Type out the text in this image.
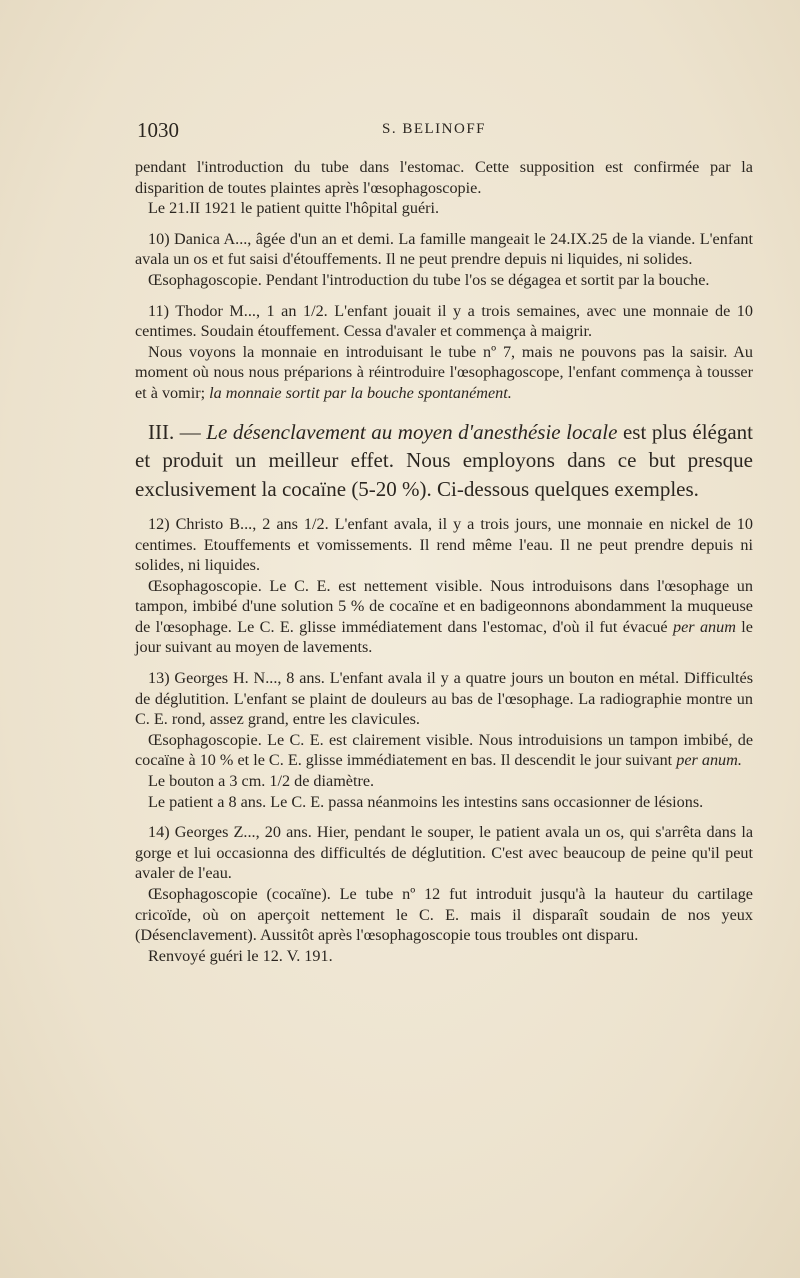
1030	S. BELINOFF

pendant l'introduction du tube dans l'estomac. Cette supposition est confirmée par la disparition de toutes plaintes après l'œsophagoscopie.

Le 21.II 1921 le patient quitte l'hôpital guéri.

10) Danica A..., âgée d'un an et demi. La famille mangeait le 24.IX.25 de la viande. L'enfant avala un os et fut saisi d'étouffements. Il ne peut prendre depuis ni liquides, ni solides.

Œsophagoscopie. Pendant l'introduction du tube l'os se dégagea et sortit par la bouche.

11) Thodor M..., 1 an 1/2. L'enfant jouait il y a trois semaines, avec une monnaie de 10 centimes. Soudain étouffement. Cessa d'avaler et commença à maigrir.

Nous voyons la monnaie en introduisant le tube nº 7, mais ne pouvons pas la saisir. Au moment où nous nous préparions à réintroduire l'œsophagoscope, l'enfant commença à tousser et à vomir; la monnaie sortit par la bouche spontanément.

III. — Le désenclavement au moyen d'anesthésie locale est plus élégant et produit un meilleur effet. Nous employons dans ce but presque exclusivement la cocaïne (5-20 %). Ci-dessous quelques exemples.

12) Christo B..., 2 ans 1/2. L'enfant avala, il y a trois jours, une monnaie en nickel de 10 centimes. Etouffements et vomissements. Il rend même l'eau. Il ne peut prendre depuis ni solides, ni liquides.

Œsophagoscopie. Le C. E. est nettement visible. Nous introduisons dans l'œsophage un tampon, imbibé d'une solution 5 % de cocaïne et en badigeonnons abondamment la muqueuse de l'œsophage. Le C. E. glisse immédiatement dans l'estomac, d'où il fut évacué per anum le jour suivant au moyen de lavements.

13) Georges H. N..., 8 ans. L'enfant avala il y a quatre jours un bouton en métal. Difficultés de déglutition. L'enfant se plaint de douleurs au bas de l'œsophage. La radiographie montre un C. E. rond, assez grand, entre les clavicules.

Œsophagoscopie. Le C. E. est clairement visible. Nous introduisions un tampon imbibé, de cocaïne à 10 % et le C. E. glisse immédiatement en bas. Il descendit le jour suivant per anum.

Le bouton a 3 cm. 1/2 de diamètre.

Le patient a 8 ans. Le C. E. passa néanmoins les intestins sans occasionner de lésions.

14) Georges Z..., 20 ans. Hier, pendant le souper, le patient avala un os, qui s'arrêta dans la gorge et lui occasionna des difficultés de déglutition. C'est avec beaucoup de peine qu'il peut avaler de l'eau.

Œsophagoscopie (cocaïne). Le tube nº 12 fut introduit jusqu'à la hauteur du cartilage cricoïde, où on aperçoit nettement le C. E. mais il disparaît soudain de nos yeux (Désenclavement). Aussitôt après l'œsophagoscopie tous troubles ont disparu.

Renvoyé guéri le 12. V. 191.
